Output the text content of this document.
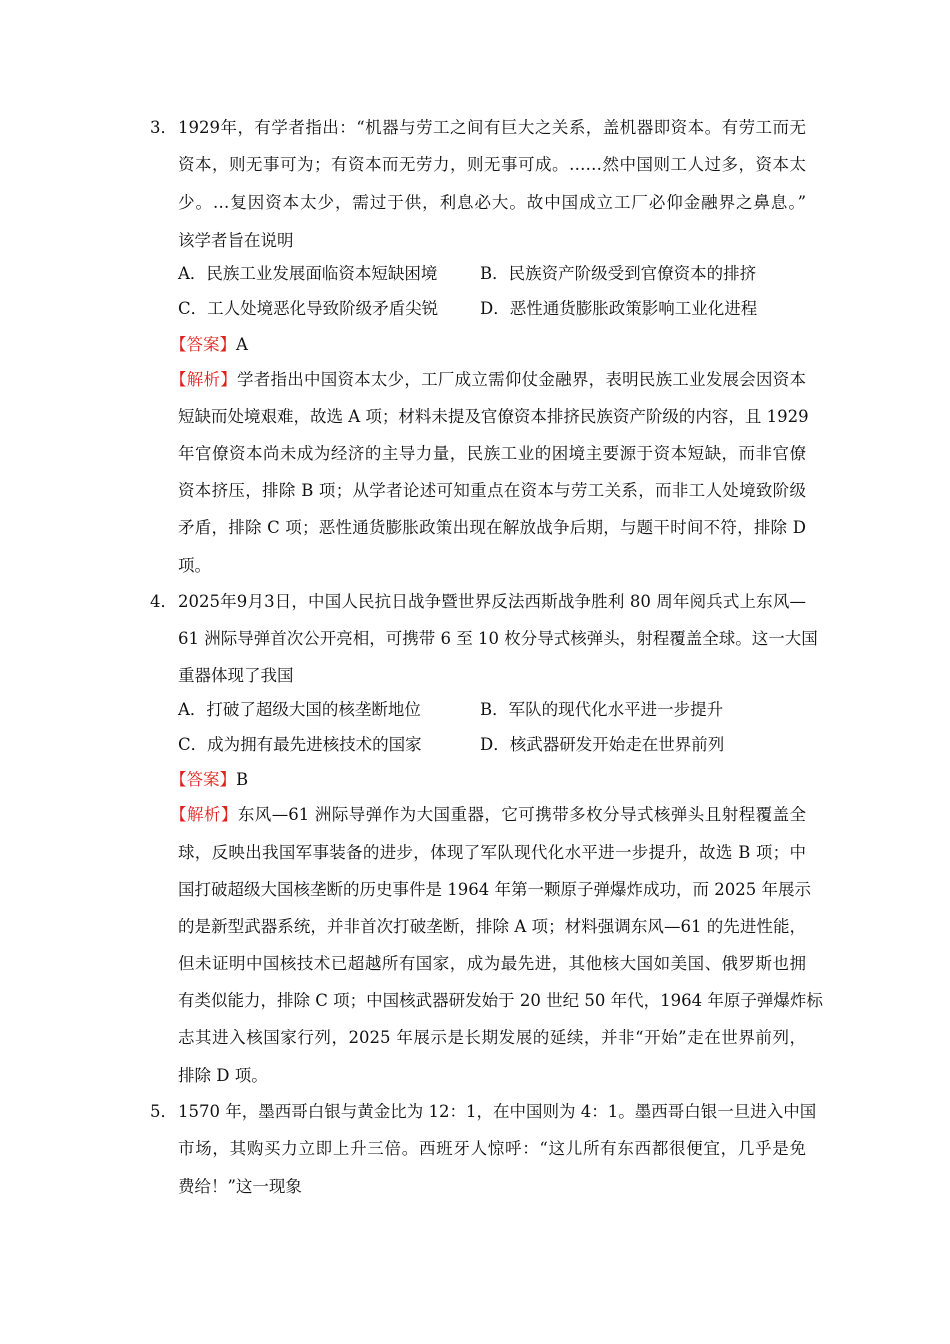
3． 1929年，有学者指出：“机器与劳工之间有巨大之关系，盖机器即资本。有劳工而无
资本，则无事可为；有资本而无劳力，则无事可成。……然中国则工人过多，资本太
少。…复因资本太少，需过于供，利息必大。故中国成立工厂必仰金融界之鼻息。”
该学者旨在说明
A．民族工业发展面临资本短缺困境	B．民族资产阶级受到官僚资本的排挤
C．工人处境恶化导致阶级矛盾尖锐	D．恶性通货膨胀政策影响工业化进程
【答案】A
【解析】学者指出中国资本太少，工厂成立需仰仗金融界，表明民族工业发展会因资本
短缺而处境艰难，故选 A 项；材料未提及官僚资本排挤民族资产阶级的内容，且 1929
年官僚资本尚未成为经济的主导力量，民族工业的困境主要源于资本短缺，而非官僚
资本挤压，排除 B 项；从学者论述可知重点在资本与劳工关系，而非工人处境致阶级
矛盾，排除 C 项；恶性通货膨胀政策出现在解放战争后期，与题干时间不符，排除 D
项。
4． 2025年9月3日，中国人民抗日战争暨世界反法西斯战争胜利 80 周年阅兵式上东风—
61 洲际导弹首次公开亮相，可携带 6 至 10 枚分导式核弹头，射程覆盖全球。这一大国
重器体现了我国
A．打破了超级大国的核垄断地位	B．军队的现代化水平进一步提升
C．成为拥有最先进核技术的国家	D．核武器研发开始走在世界前列
【答案】B
【解析】东风—61 洲际导弹作为大国重器，它可携带多枚分导式核弹头且射程覆盖全
球，反映出我国军事装备的进步，体现了军队现代化水平进一步提升，故选 B 项；中
国打破超级大国核垄断的历史事件是 1964 年第一颗原子弹爆炸成功，而 2025 年展示
的是新型武器系统，并非首次打破垄断，排除 A 项；材料强调东风—61 的先进性能，
但未证明中国核技术已超越所有国家，成为最先进，其他核大国如美国、俄罗斯也拥
有类似能力，排除 C 项；中国核武器研发始于 20 世纪 50 年代，1964 年原子弹爆炸标
志其进入核国家行列，2025 年展示是长期发展的延续，并非“开始”走在世界前列，
排除 D 项。
5． 1570 年，墨西哥白银与黄金比为 12：1，在中国则为 4：1。墨西哥白银一旦进入中国
市场，其购买力立即上升三倍。西班牙人惊呼：“这儿所有东西都很便宜，几乎是免
费给！”这一现象
